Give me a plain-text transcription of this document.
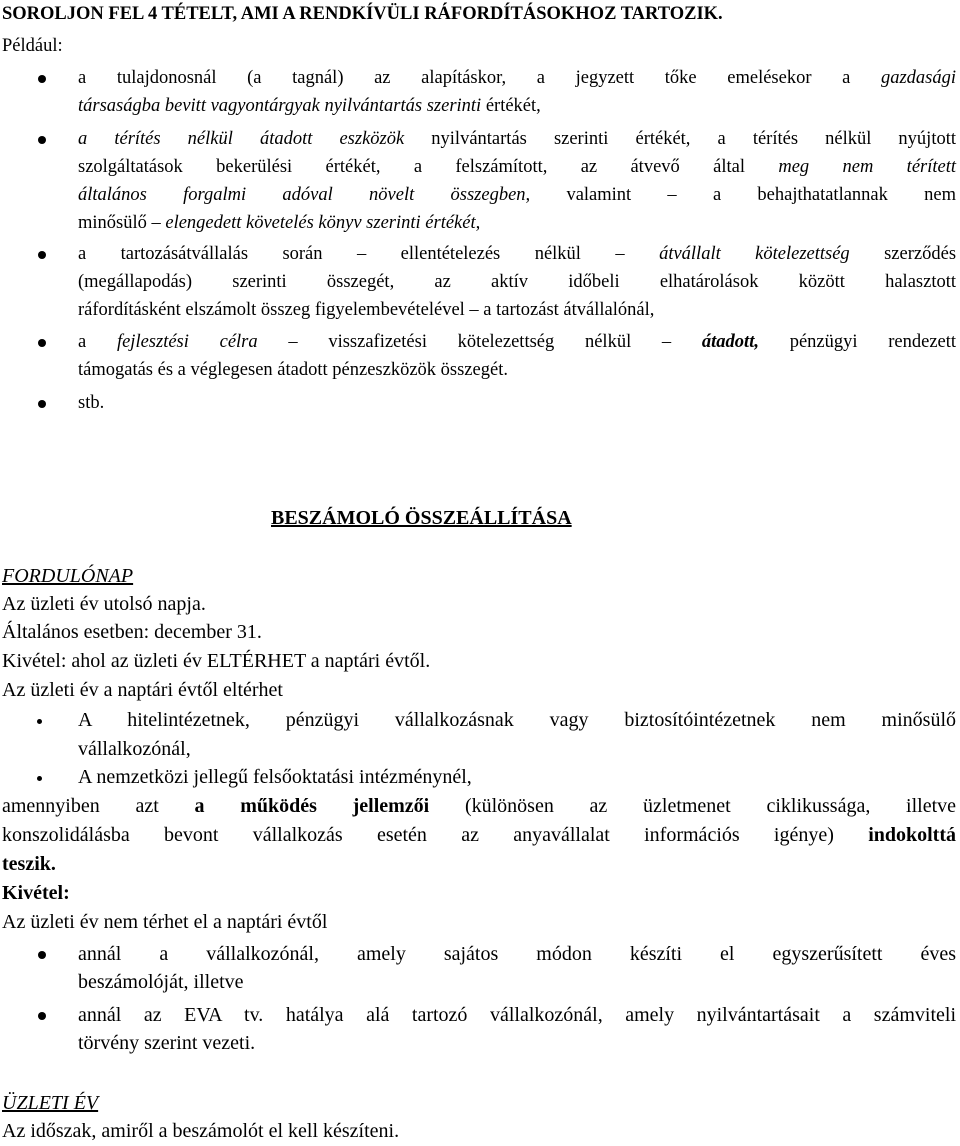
SOROLJON FEL 4 TÉTELT, AMI A RENDKÍVÜLI RÁFORDÍTÁSOKHOZ TARTOZIK.
Például:
a tulajdonosnál (a tagnál) az alapításkor, a jegyzett tőke emelésekor a gazdasági
társaságba bevitt vagyontárgyak nyilvántartás szerinti értékét,
a térítés nélkül átadott eszközök nyilvántartás szerinti értékét, a térítés nélkül nyújtott
szolgáltatások bekerülési értékét, a felszámított, az átvevő által meg nem térített
általános forgalmi adóval növelt összegben, valamint – a behajthatatlannak nem
minősülő – elengedett követelés könyv szerinti értékét,
a tartozásátvállalás során – ellentételezés nélkül – átvállalt kötelezettség szerződés
(megállapodás) szerinti összegét, az aktív időbeli elhatárolások között halasztott
ráfordításként elszámolt összeg figyelembevételével – a tartozást átvállalónál,
a fejlesztési célra – visszafizetési kötelezettség nélkül – átadott, pénzügyi rendezett
támogatás és a véglegesen átadott pénzeszközök összegét.
stb.
BESZÁMOLÓ ÖSSZEÁLLÍTÁSA
FORDULÓNAP
Az üzleti év utolsó napja.
Általános esetben: december 31.
Kivétel: ahol az üzleti év ELTÉRHET a naptári évtől.
Az üzleti év a naptári évtől eltérhet
A hitelintézetnek, pénzügyi vállalkozásnak vagy biztosítóintézetnek nem minősülő
vállalkozónál,
A nemzetközi jellegű felsőoktatási intézménynél,
amennyiben azt a működés jellemzői (különösen az üzletmenet ciklikussága, illetve
konszolidálásba bevont vállalkozás esetén az anyavállalat információs igénye) indokolttá
teszik.
Kivétel:
Az üzleti év nem térhet el a naptári évtől
annál a vállalkozónál, amely sajátos módon készíti el egyszerűsített éves
beszámolóját, illetve
annál az EVA tv. hatálya alá tartozó vállalkozónál, amely nyilvántartásait a számviteli
törvény szerint vezeti.
ÜZLETI ÉV
Az időszak, amiről a beszámolót el kell készíteni.
